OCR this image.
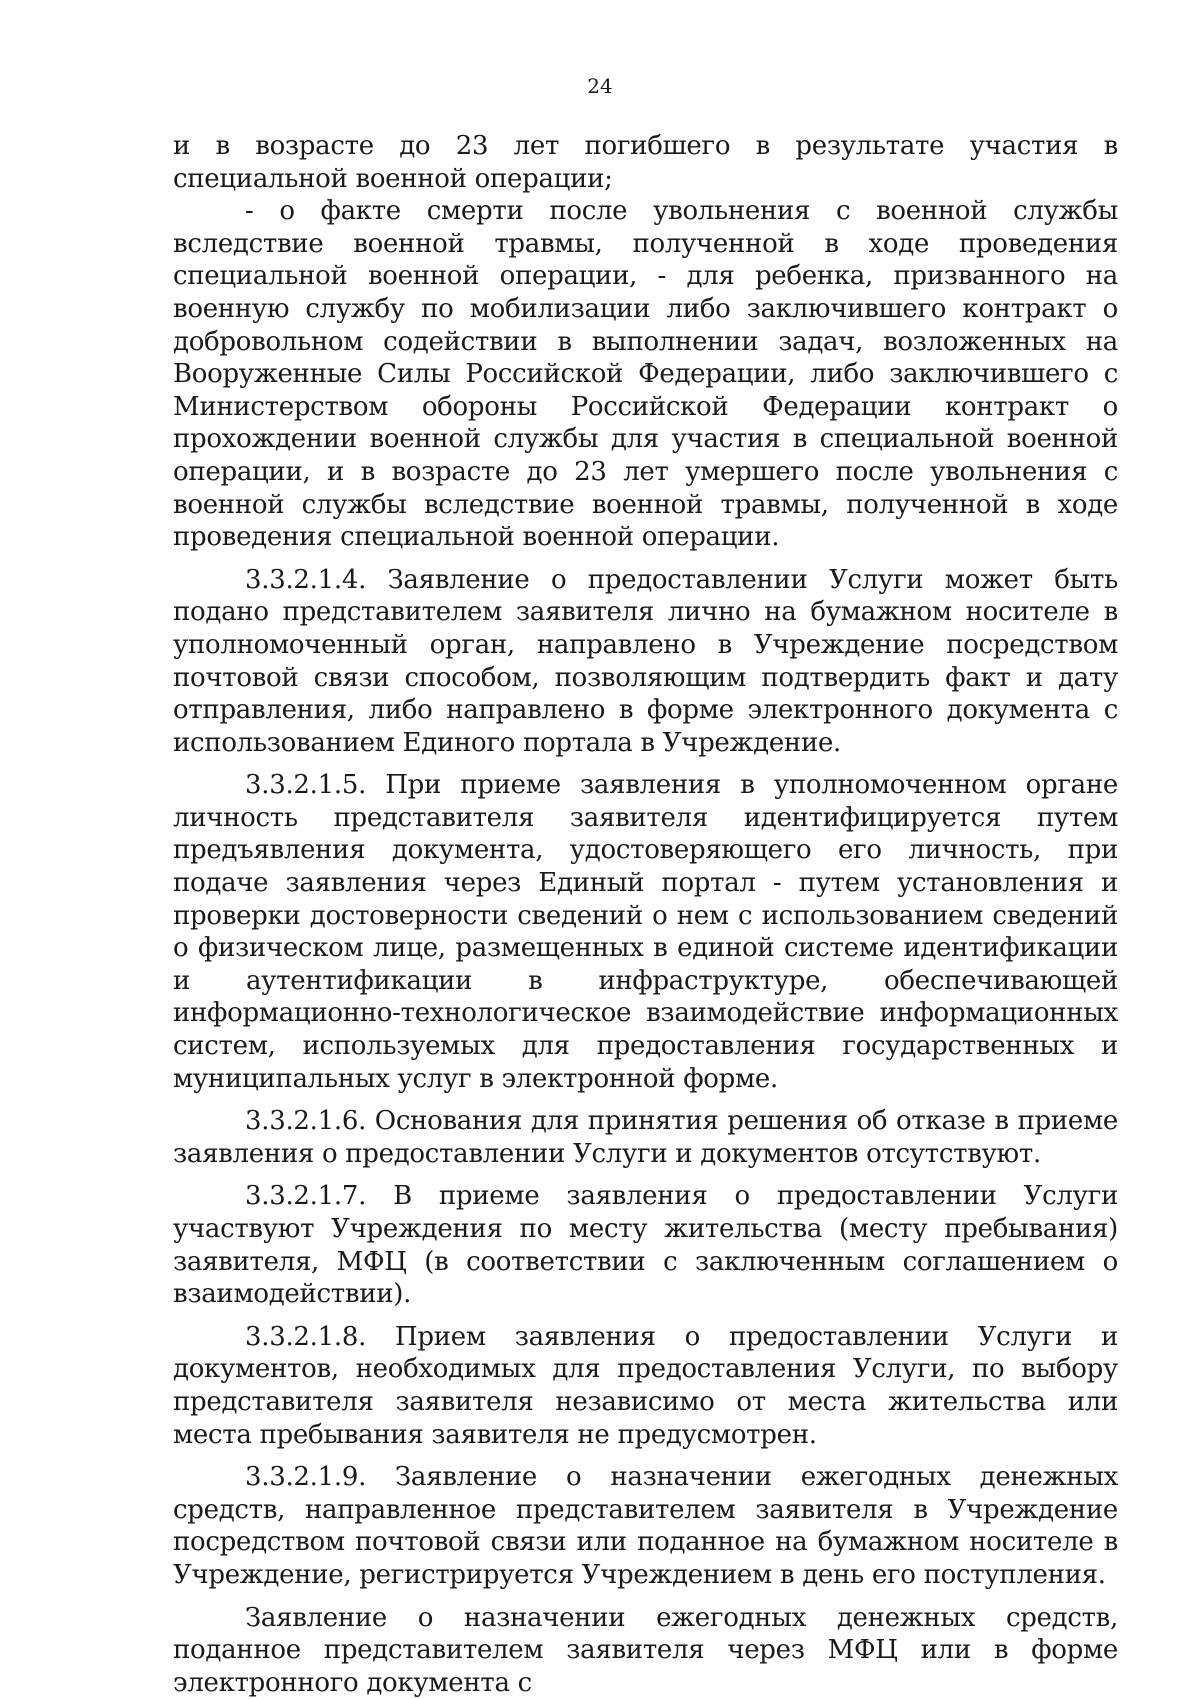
24

и в возрасте до 23 лет погибшего в результате участия в специальной военной операции;

- о факте смерти после увольнения с военной службы вследствие военной травмы, полученной в ходе проведения специальной военной операции, - для ребенка, призванного на военную службу по мобилизации либо заключившего контракт о добровольном содействии в выполнении задач, возложенных на Вооруженные Силы Российской Федерации, либо заключившего с Министерством обороны Российской Федерации контракт о прохождении военной службы для участия в специальной военной операции, и в возрасте до 23 лет умершего после увольнения с военной службы вследствие военной травмы, полученной в ходе проведения специальной военной операции.

3.3.2.1.4. Заявление о предоставлении Услуги может быть подано представителем заявителя лично на бумажном носителе в уполномоченный орган, направлено в Учреждение посредством почтовой связи способом, позволяющим подтвердить факт и дату отправления, либо направлено в форме электронного документа с использованием Единого портала в Учреждение.

3.3.2.1.5. При приеме заявления в уполномоченном органе личность представителя заявителя идентифицируется путем предъявления документа, удостоверяющего его личность, при подаче заявления через Единый портал - путем установления и проверки достоверности сведений о нем с использованием сведений о физическом лице, размещенных в единой системе идентификации и аутентификации в инфраструктуре, обеспечивающей информационно-технологическое взаимодействие информационных систем, используемых для предоставления государственных и муниципальных услуг в электронной форме.

3.3.2.1.6. Основания для принятия решения об отказе в приеме заявления о предоставлении Услуги и документов отсутствуют.

3.3.2.1.7. В приеме заявления о предоставлении Услуги участвуют Учреждения по месту жительства (месту пребывания) заявителя, МФЦ (в соответствии с заключенным соглашением о взаимодействии).

3.3.2.1.8. Прием заявления о предоставлении Услуги и документов, необходимых для предоставления Услуги, по выбору представителя заявителя независимо от места жительства или места пребывания заявителя не предусмотрен.

3.3.2.1.9. Заявление о назначении ежегодных денежных средств, направленное представителем заявителя в Учреждение посредством почтовой связи или поданное на бумажном носителе в Учреждение, регистрируется Учреждением в день его поступления.

Заявление о назначении ежегодных денежных средств, поданное представителем заявителя через МФЦ или в форме электронного документа с
